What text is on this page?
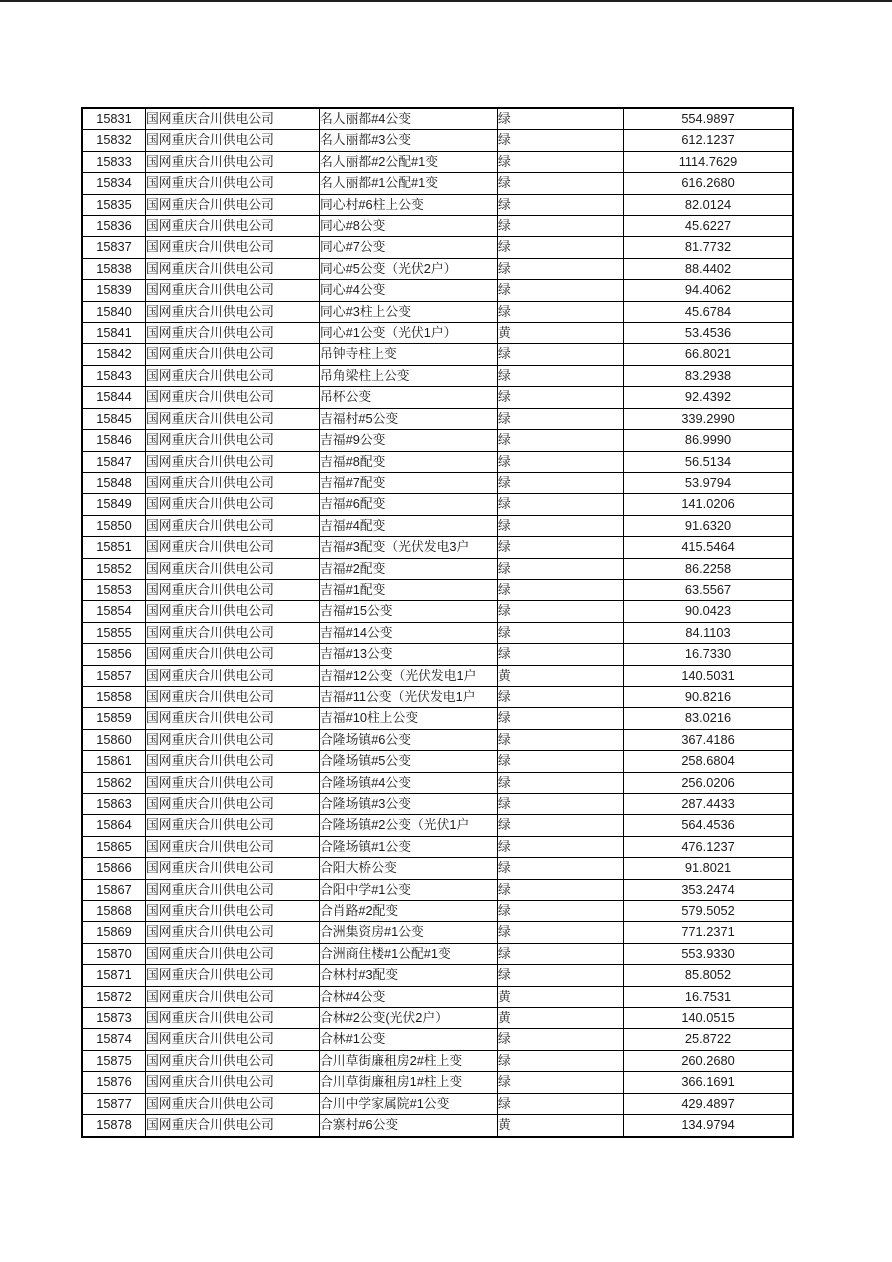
15831	国网重庆合川供电公司	名人丽都#4公变	绿	554.9897
15832	国网重庆合川供电公司	名人丽都#3公变	绿	612.1237
15833	国网重庆合川供电公司	名人丽都#2公配#1变	绿	1114.7629
15834	国网重庆合川供电公司	名人丽都#1公配#1变	绿	616.2680
15835	国网重庆合川供电公司	同心村#6柱上公变	绿	82.0124
15836	国网重庆合川供电公司	同心#8公变	绿	45.6227
15837	国网重庆合川供电公司	同心#7公变	绿	81.7732
15838	国网重庆合川供电公司	同心#5公变（光伏2户）	绿	88.4402
15839	国网重庆合川供电公司	同心#4公变	绿	94.4062
15840	国网重庆合川供电公司	同心#3柱上公变	绿	45.6784
15841	国网重庆合川供电公司	同心#1公变（光伏1户）	黄	53.4536
15842	国网重庆合川供电公司	吊钟寺柱上变	绿	66.8021
15843	国网重庆合川供电公司	吊角梁柱上公变	绿	83.2938
15844	国网重庆合川供电公司	吊杯公变	绿	92.4392
15845	国网重庆合川供电公司	吉福村#5公变	绿	339.2990
15846	国网重庆合川供电公司	吉福#9公变	绿	86.9990
15847	国网重庆合川供电公司	吉福#8配变	绿	56.5134
15848	国网重庆合川供电公司	吉福#7配变	绿	53.9794
15849	国网重庆合川供电公司	吉福#6配变	绿	141.0206
15850	国网重庆合川供电公司	吉福#4配变	绿	91.6320
15851	国网重庆合川供电公司	吉福#3配变（光伏发电3户	绿	415.5464
15852	国网重庆合川供电公司	吉福#2配变	绿	86.2258
15853	国网重庆合川供电公司	吉福#1配变	绿	63.5567
15854	国网重庆合川供电公司	吉福#15公变	绿	90.0423
15855	国网重庆合川供电公司	吉福#14公变	绿	84.1103
15856	国网重庆合川供电公司	吉福#13公变	绿	16.7330
15857	国网重庆合川供电公司	吉福#12公变（光伏发电1户	黄	140.5031
15858	国网重庆合川供电公司	吉福#11公变（光伏发电1户	绿	90.8216
15859	国网重庆合川供电公司	吉福#10柱上公变	绿	83.0216
15860	国网重庆合川供电公司	合隆场镇#6公变	绿	367.4186
15861	国网重庆合川供电公司	合隆场镇#5公变	绿	258.6804
15862	国网重庆合川供电公司	合隆场镇#4公变	绿	256.0206
15863	国网重庆合川供电公司	合隆场镇#3公变	绿	287.4433
15864	国网重庆合川供电公司	合隆场镇#2公变（光伏1户	绿	564.4536
15865	国网重庆合川供电公司	合隆场镇#1公变	绿	476.1237
15866	国网重庆合川供电公司	合阳大桥公变	绿	91.8021
15867	国网重庆合川供电公司	合阳中学#1公变	绿	353.2474
15868	国网重庆合川供电公司	合肖路#2配变	绿	579.5052
15869	国网重庆合川供电公司	合洲集资房#1公变	绿	771.2371
15870	国网重庆合川供电公司	合洲商住楼#1公配#1变	绿	553.9330
15871	国网重庆合川供电公司	合林村#3配变	绿	85.8052
15872	国网重庆合川供电公司	合林#4公变	黄	16.7531
15873	国网重庆合川供电公司	合林#2公变(光伏2户）	黄	140.0515
15874	国网重庆合川供电公司	合林#1公变	绿	25.8722
15875	国网重庆合川供电公司	合川草街廉租房2#柱上变	绿	260.2680
15876	国网重庆合川供电公司	合川草街廉租房1#柱上变	绿	366.1691
15877	国网重庆合川供电公司	合川中学家属院#1公变	绿	429.4897
15878	国网重庆合川供电公司	合寨村#6公变	黄	134.9794
